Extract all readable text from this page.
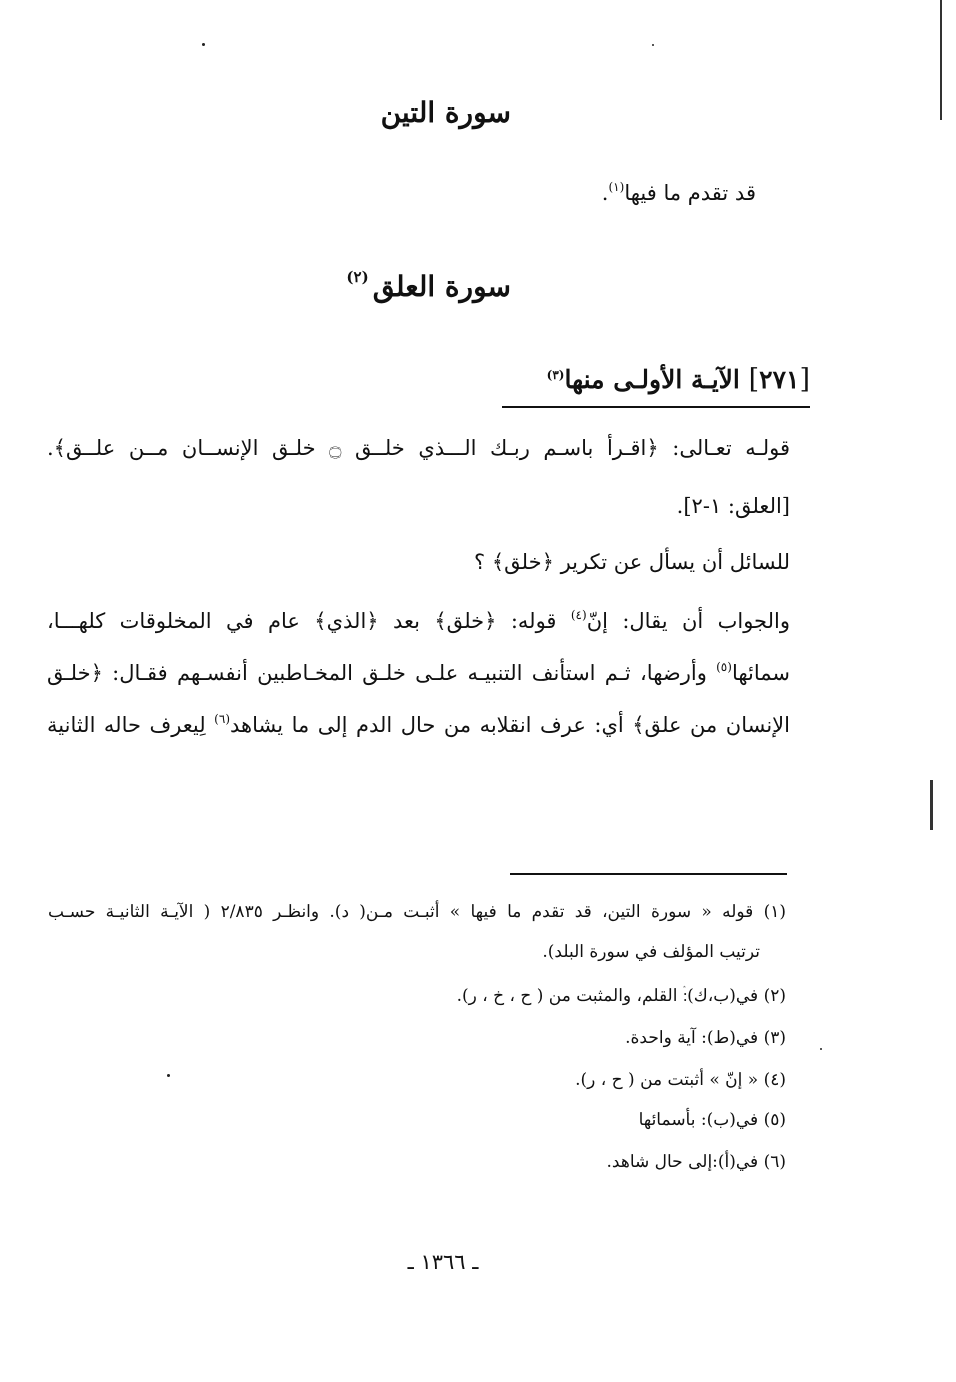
سورة التين
قد تقدم ما فيها$^{(١)}$.
سورة العلق$^{(٢)}$
[٢٧١] الآيـة الأولـى منها$^{(٣)}$
قولـه تعـالى: ﴿اقـرأ باسـم ربـك الـــذي خلــق ۝ خلـق الإنســان مــن علــق﴾.
[العلق: ١-٢].
للسائل أن يسأل عن تكرير ﴿خلق﴾ ؟
والجواب أن يقال: إنّ$^{(٤)}$ قوله: ﴿خلق﴾ بعد ﴿الذي﴾ عام في المخلوقات كلهـــا،
سمائها$^{(٥)}$ وأرضها، ثـم استأنف التنبيـه علـى خلـق المخـاطبين أنفسـهم فقـال: ﴿خلـق
الإنسان من علق﴾ أي: عرف انقلابه من حال الدم إلى ما يشاهد$^{(٦)}$ لِيعرف حاله الثانية
(١) قوله « سورة التين، قد تقدم ما فيها » أثبـت مـن( د). وانظـر ٢/٨٣٥ ( الآيـة الثانيـة حسـب
ترتيب المؤلف في سورة البلد).
(٢) في(ب،ك):ۛ القلم، والمثبت من ( ح ، خ ، ر).
(٣) في(ط): آية واحدة.
(٤) « إنّ » أثبتت من ( ح ، ر).
(٥) في(ب): بأسمائها
(٦) في(أ):إلى حال شاهد.
ـ ١٣٦٦ ـ
